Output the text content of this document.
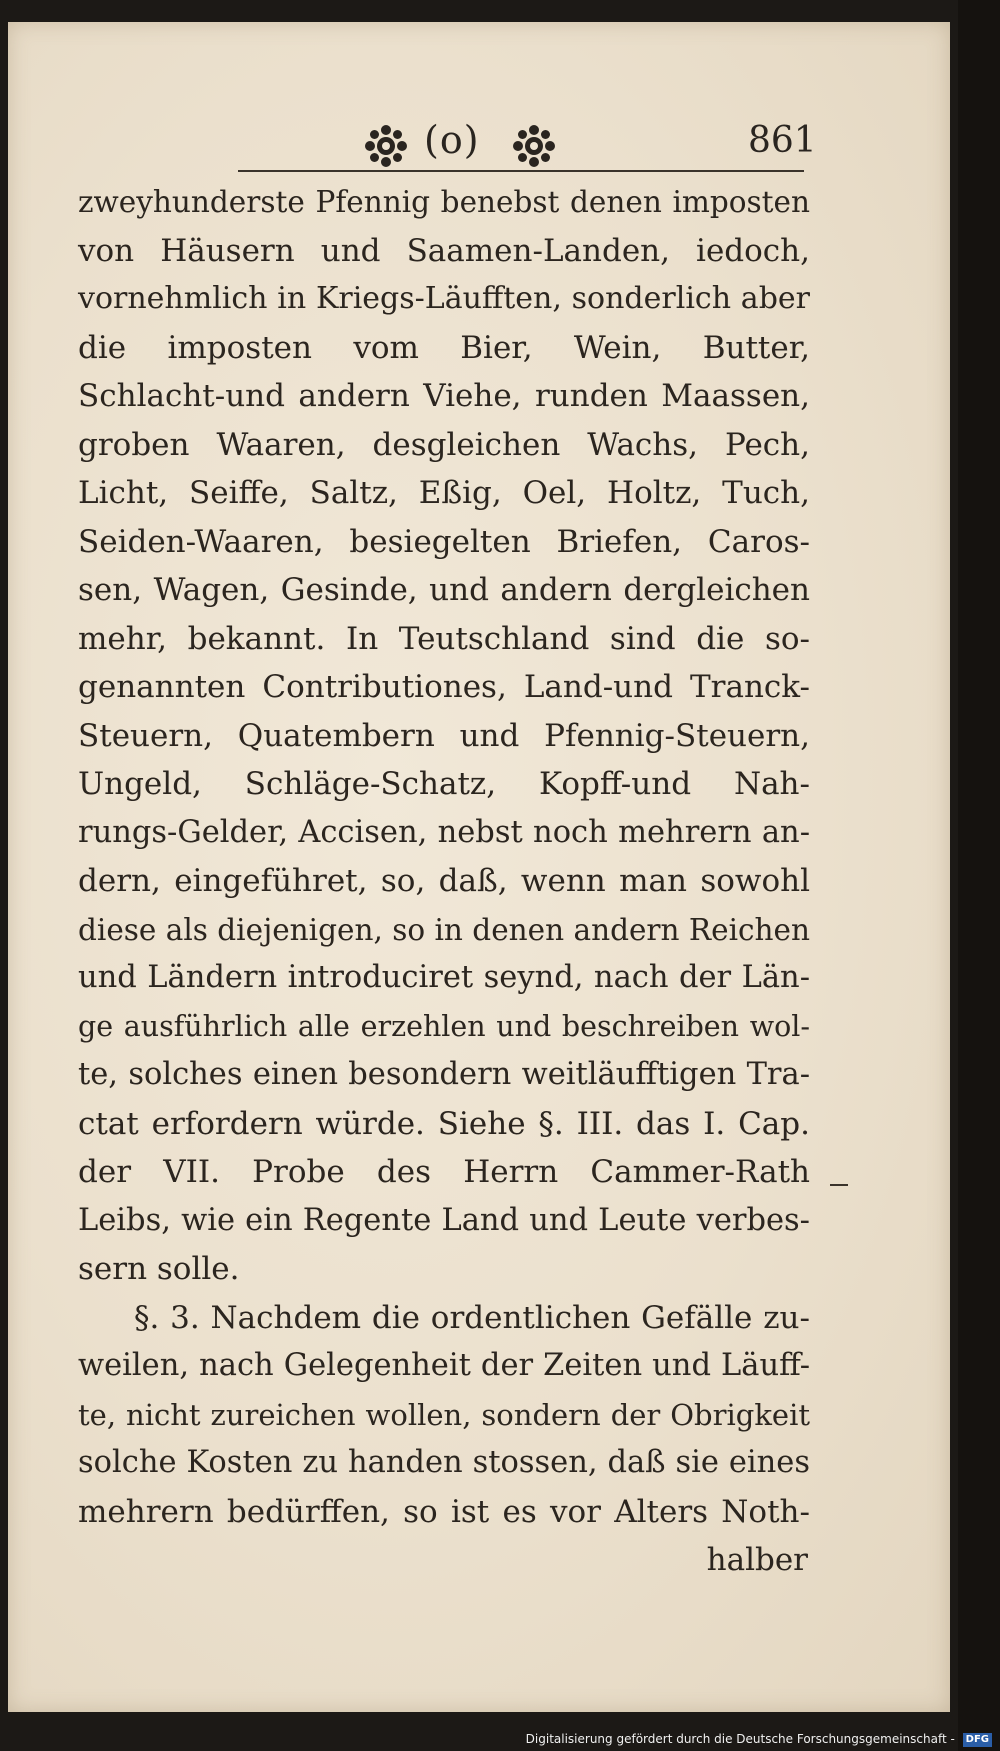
(o)	861
zweyhunderste Pfennig benebst denen imposten
von Häusern und Saamen-Landen, iedoch,
vornehmlich in Kriegs-Läufften, sonderlich aber
die imposten vom Bier, Wein, Butter,
Schlacht-und andern Viehe, runden Maassen,
groben Waaren, desgleichen Wachs, Pech,
Licht, Seiffe, Saltz, Eßig, Oel, Holtz, Tuch,
Seiden-Waaren, besiegelten Briefen, Caros-
sen, Wagen, Gesinde, und andern dergleichen
mehr, bekannt. In Teutschland sind die so-
genannten Contributiones, Land-und Tranck-
Steuern, Quatembern und Pfennig-Steuern,
Ungeld, Schläge-Schatz, Kopff-und Nah-
rungs-Gelder, Accisen, nebst noch mehrern an-
dern, eingeführet, so, daß, wenn man sowohl
diese als diejenigen, so in denen andern Reichen
und Ländern introduciret seynd, nach der Län-
ge ausführlich alle erzehlen und beschreiben wol-
te, solches einen besondern weitläufftigen Tra-
ctat erfordern würde. Siehe §. III. das I. Cap.
der VII. Probe des Herrn Cammer-Rath
Leibs, wie ein Regente Land und Leute verbes-
sern solle.
§. 3. Nachdem die ordentlichen Gefälle zu-
weilen, nach Gelegenheit der Zeiten und Läuff-
te, nicht zureichen wollen, sondern der Obrigkeit
solche Kosten zu handen stossen, daß sie eines
mehrern bedürffen, so ist es vor Alters Noth-
halber
Digitalisierung gefördert durch die Deutsche Forschungsgemeinschaft - DFG
